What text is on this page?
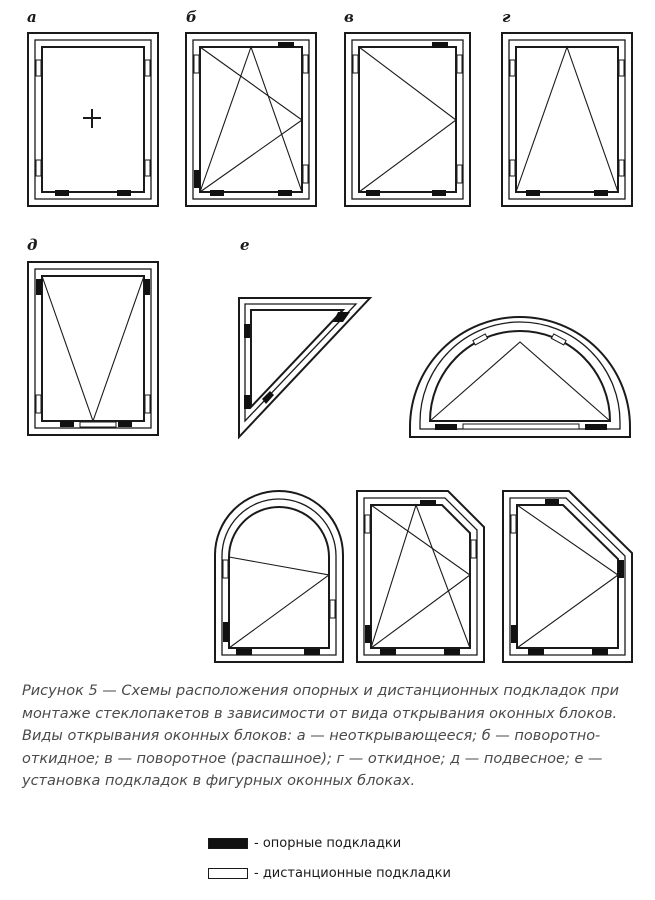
а	б	в	г
д	е

Рисунок 5 — Схемы расположения опорных и дистанционных подкладок при монтаже стеклопакетов в зависимости от вида открывания оконных блоков. Виды открывания оконных блоков: а — неоткрывающееся; б — поворотно-откидное; в — поворотное (распашное); г — откидное; д — подвесное; е — установка подкладок в фигурных оконных блоках.

- опорные подкладки
- дистанционные подкладки
